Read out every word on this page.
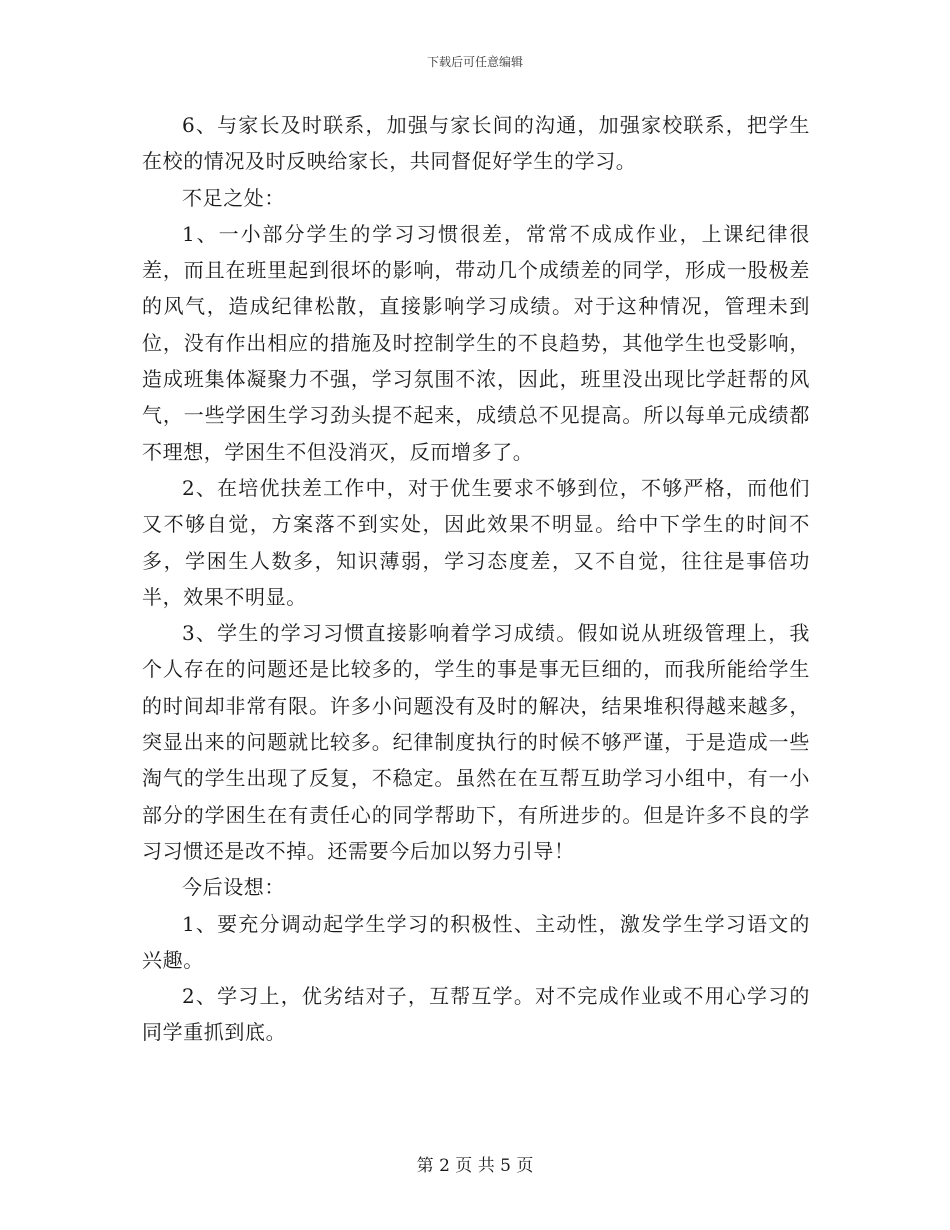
下载后可任意编辑

6、与家长及时联系，加强与家长间的沟通，加强家校联系，把学生在校的情况及时反映给家长，共同督促好学生的学习。

不足之处：

1、一小部分学生的学习习惯很差，常常不成成作业，上课纪律很差，而且在班里起到很坏的影响，带动几个成绩差的同学，形成一股极差的风气，造成纪律松散，直接影响学习成绩。对于这种情况，管理未到位，没有作出相应的措施及时控制学生的不良趋势，其他学生也受影响，造成班集体凝聚力不强，学习氛围不浓，因此，班里没出现比学赶帮的风气，一些学困生学习劲头提不起来，成绩总不见提高。所以每单元成绩都不理想，学困生不但没消灭，反而增多了。

2、在培优扶差工作中，对于优生要求不够到位，不够严格，而他们又不够自觉，方案落不到实处，因此效果不明显。给中下学生的时间不多，学困生人数多，知识薄弱，学习态度差，又不自觉，往往是事倍功半，效果不明显。

3、学生的学习习惯直接影响着学习成绩。假如说从班级管理上，我个人存在的问题还是比较多的，学生的事是事无巨细的，而我所能给学生的时间却非常有限。许多小问题没有及时的解决，结果堆积得越来越多，突显出来的问题就比较多。纪律制度执行的时候不够严谨，于是造成一些淘气的学生出现了反复，不稳定。虽然在在互帮互助学习小组中，有一小部分的学困生在有责任心的同学帮助下，有所进步的。但是许多不良的学习习惯还是改不掉。还需要今后加以努力引导！

今后设想：

1、要充分调动起学生学习的积极性、主动性，激发学生学习语文的兴趣。

2、学习上，优劣结对子，互帮互学。对不完成作业或不用心学习的同学重抓到底。

第 2 页 共 5 页
